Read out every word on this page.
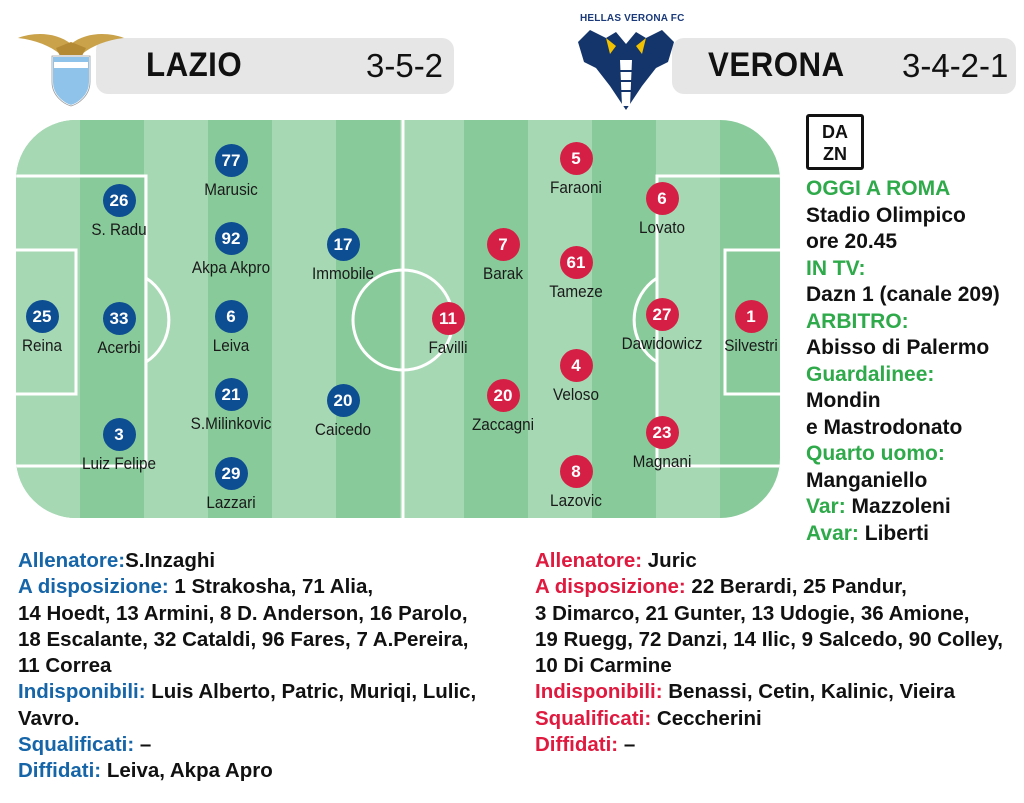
LAZIO	3-5-2	VERONA 3-4-2-1
HELLAS VERONA FC
25
Reina
26
S. Radu
33
Acerbi
3
Luiz Felipe
77
Marusic
92
Akpa Akpro
6
Leiva
21
S.Milinkovic
29
Lazzari
17
Immobile
20
Caicedo
1
Silvestri
6
Lovato
27
Dawidowicz
23
Magnani
5
Faraoni
61
Tameze
4
Veloso
8
Lazovic
7
Barak
20
Zaccagni
11
Favilli
DA
ZN
OGGI A ROMA
Stadio Olimpico
ore 20.45
IN TV:
Dazn 1 (canale 209)
ARBITRO:
Abisso di Palermo
Guardalinee:
Mondin
e Mastrodonato
Quarto uomo:
Manganiello
Var: Mazzoleni
Avar: Liberti
Allenatore:S.Inzaghi
A disposizione: 1 Strakosha, 71 Alia,
14 Hoedt, 13 Armini, 8 D. Anderson, 16 Parolo,
18 Escalante, 32 Cataldi, 96 Fares, 7 A.Pereira,
11 Correa
Indisponibili: Luis Alberto, Patric, Muriqi, Lulic,
Vavro.
Squalificati: –
Diffidati: Leiva, Akpa Apro
Allenatore: Juric
A disposizione: 22 Berardi, 25 Pandur,
3 Dimarco, 21 Gunter, 13 Udogie, 36 Amione,
19 Ruegg, 72 Danzi, 14 Ilic, 9 Salcedo, 90 Colley,
10 Di Carmine
Indisponibili: Benassi, Cetin, Kalinic, Vieira
Squalificati: Ceccherini
Diffidati: –
